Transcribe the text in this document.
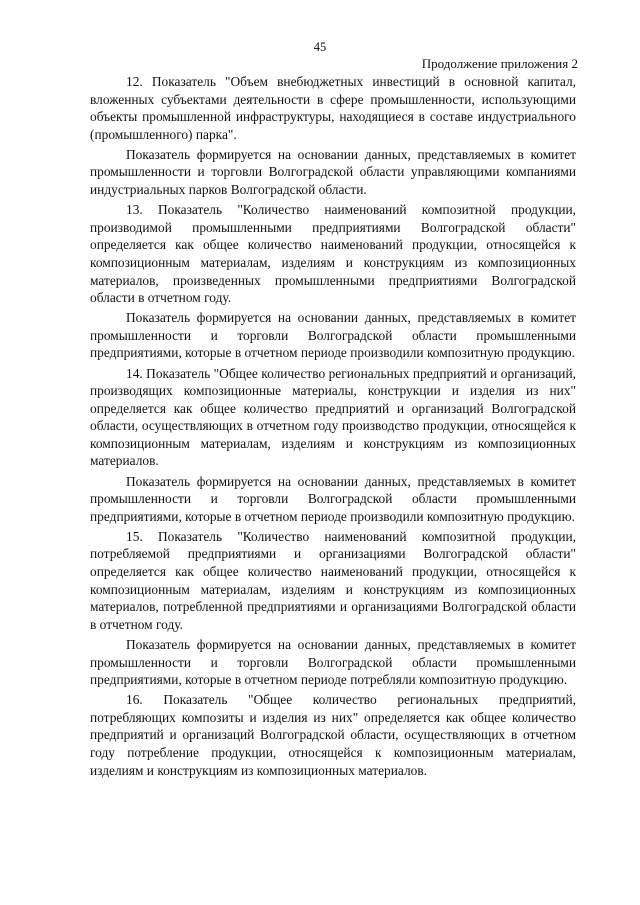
45
Продолжение приложения 2

12. Показатель "Объем внебюджетных инвестиций в основной капитал, вложенных субъектами деятельности в сфере промышленности, использующими объекты промышленной инфраструктуры, находящиеся в составе индустриального (промышленного) парка".

Показатель формируется на основании данных, представляемых в комитет промышленности и торговли Волгоградской области управляющими компаниями индустриальных парков Волгоградской области.

13. Показатель "Количество наименований композитной продукции, производимой промышленными предприятиями Волгоградской области" определяется как общее количество наименований продукции, относящейся к композиционным материалам, изделиям и конструкциям из композиционных материалов, произведенных промышленными предприятиями Волгоградской области в отчетном году.

Показатель формируется на основании данных, представляемых в комитет промышленности и торговли Волгоградской области промышленными предприятиями, которые в отчетном периоде производили композитную продукцию.

14. Показатель "Общее количество региональных предприятий и организаций, производящих композиционные материалы, конструкции и изделия из них" определяется как общее количество предприятий и организаций Волгоградской области, осуществляющих в отчетном году производство продукции, относящейся к композиционным материалам, изделиям и конструкциям из композиционных материалов.

Показатель формируется на основании данных, представляемых в комитет промышленности и торговли Волгоградской области промышленными предприятиями, которые в отчетном периоде производили композитную продукцию.

15. Показатель "Количество наименований композитной продукции, потребляемой предприятиями и организациями Волгоградской области" определяется как общее количество наименований продукции, относящейся к композиционным материалам, изделиям и конструкциям из композиционных материалов, потребленной предприятиями и организациями Волгоградской области в отчетном году.

Показатель формируется на основании данных, представляемых в комитет промышленности и торговли Волгоградской области промышленными предприятиями, которые в отчетном периоде потребляли композитную продукцию.

16. Показатель "Общее количество региональных предприятий, потребляющих композиты и изделия из них" определяется как общее количество предприятий и организаций Волгоградской области, осуществляющих в отчетном году потребление продукции, относящейся к композиционным материалам, изделиям и конструкциям из композиционных материалов.
